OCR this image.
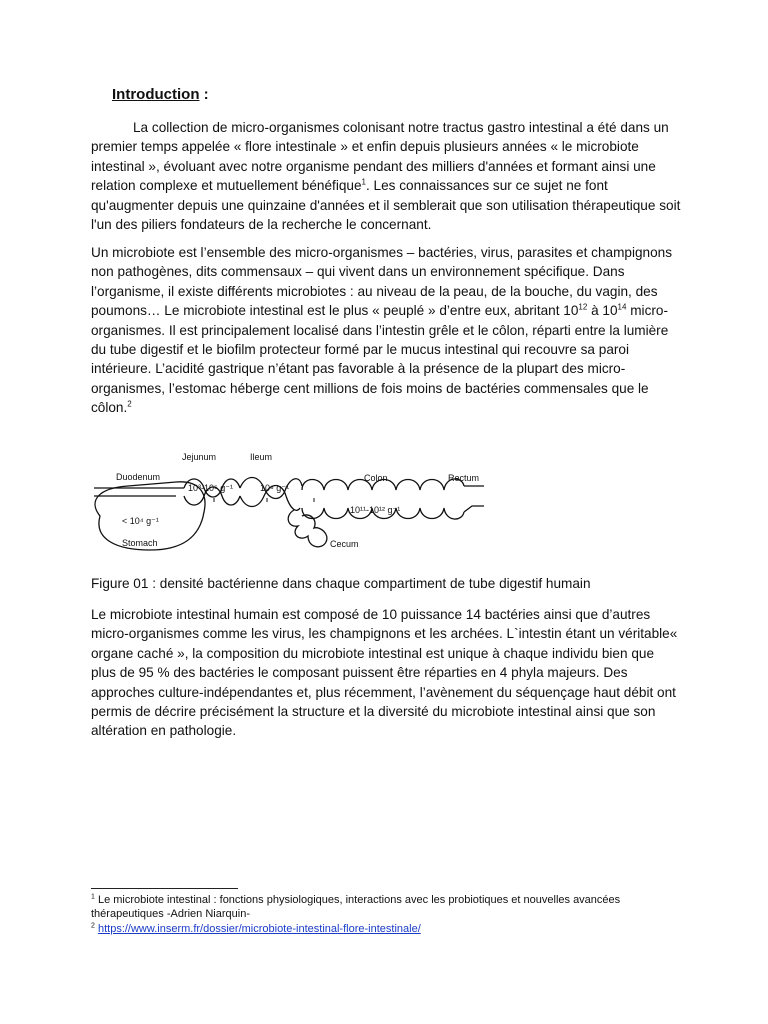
Introduction :

La collection de micro-organismes colonisant notre tractus gastro intestinal a été dans un premier temps appelée « flore intestinale » et enfin depuis plusieurs années « le microbiote intestinal », évoluant avec notre organisme pendant des milliers d'années et formant ainsi une relation complexe et mutuellement bénéfique$^1$. Les connaissances sur ce sujet ne font qu'augmenter depuis une quinzaine d'années et il semblerait que son utilisation thérapeutique soit l'un des piliers fondateurs de la recherche le concernant.

Un microbiote est l’ensemble des micro-organismes – bactéries, virus, parasites et champignons non pathogènes, dits commensaux – qui vivent dans un environnement spécifique. Dans l’organisme, il existe différents microbiotes : au niveau de la peau, de la bouche, du vagin, des poumons… Le microbiote intestinal est le plus « peuplé » d’entre eux, abritant $10^{12}$ à $10^{14}$ micro-organismes. Il est principalement localisé dans l’intestin grêle et le côlon, réparti entre la lumière du tube digestif et le biofilm protecteur formé par le mucus intestinal qui recouvre sa paroi intérieure. L’acidité gastrique n’étant pas favorable à la présence de la plupart des micro-organismes, l’estomac héberge cent millions de fois moins de bactéries commensales que le côlon.$^2$

Duodenum
Jejunum	Ileum
Colon	Rectum
< 10⁴ g⁻¹
Stomach
10³-10⁵ g⁻¹	10⁸ g⁻¹
10¹¹-10¹² g⁻¹
Cecum
Figure 01 : densité bactérienne dans chaque compartiment de tube digestif humain

Le microbiote intestinal humain est composé de 10 puissance 14 bactéries ainsi que d’autres micro-organismes comme les virus, les champignons et les archées. L`intestin étant un véritable« organe caché », la composition du microbiote intestinal est unique à chaque individu bien que plus de 95 % des bactéries le composant puissent être réparties en 4 phyla majeurs. Des approches culture-indépendantes et, plus récemment, l’avènement du séquençage haut débit ont permis de décrire précisément la structure et la diversité du microbiote intestinal ainsi que son altération en pathologie.

$^1$ Le microbiote intestinal : fonctions physiologiques, interactions avec les probiotiques et nouvelles avancées thérapeutiques -Adrien Niarquin-

$^2$ https://www.inserm.fr/dossier/microbiote-intestinal-flore-intestinale/
